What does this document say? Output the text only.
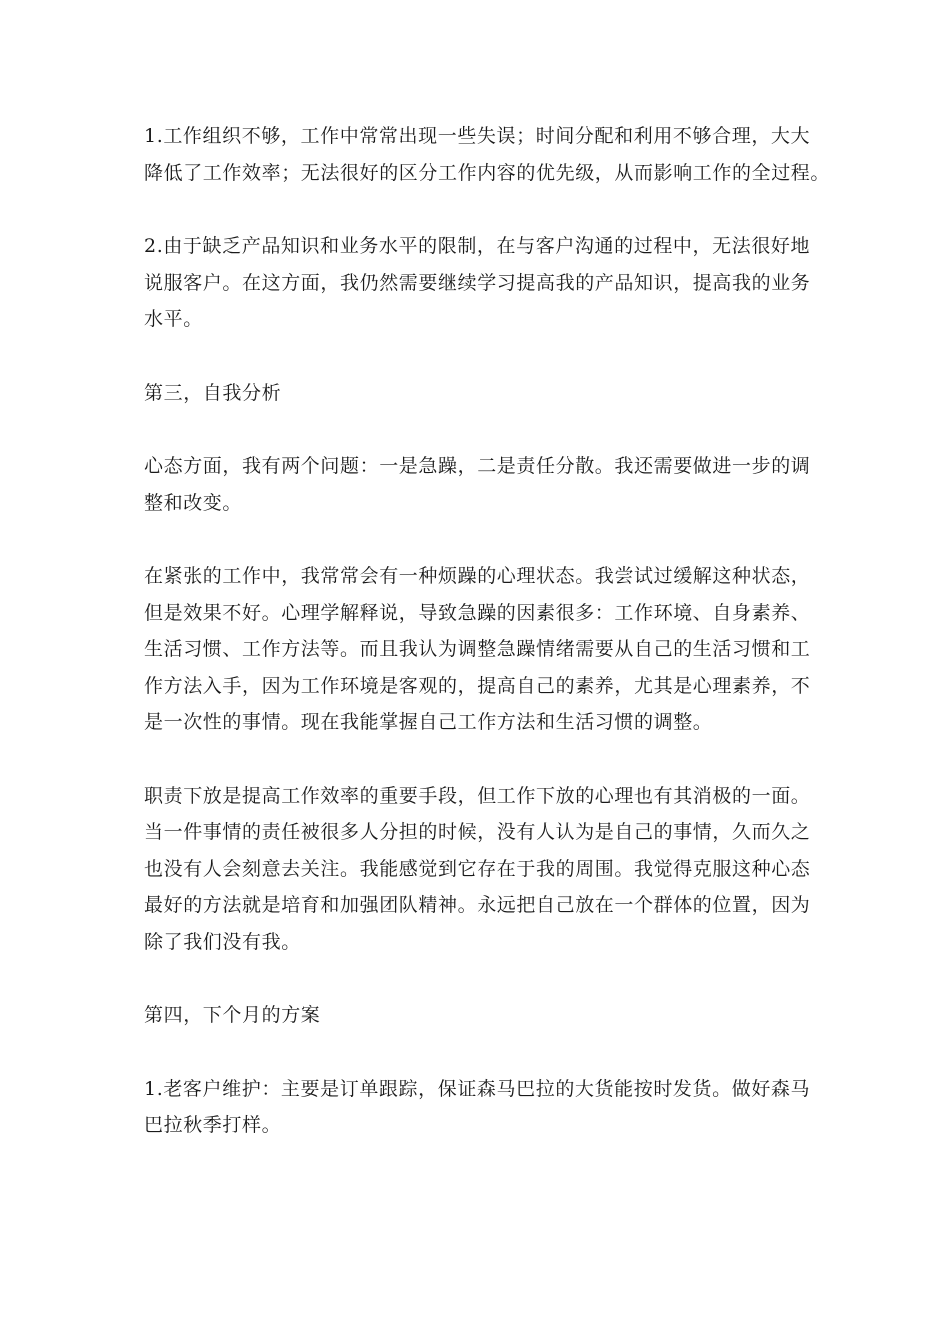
1.工作组织不够，工作中常常出现一些失误；时间分配和利用不够合理，大大
降低了工作效率；无法很好的区分工作内容的优先级，从而影响工作的全过程。

2.由于缺乏产品知识和业务水平的限制，在与客户沟通的过程中，无法很好地
说服客户。在这方面，我仍然需要继续学习提高我的产品知识，提高我的业务
水平。

第三，自我分析

心态方面，我有两个问题：一是急躁，二是责任分散。我还需要做进一步的调
整和改变。

在紧张的工作中，我常常会有一种烦躁的心理状态。我尝试过缓解这种状态，
但是效果不好。心理学解释说，导致急躁的因素很多：工作环境、自身素养、
生活习惯、工作方法等。而且我认为调整急躁情绪需要从自己的生活习惯和工
作方法入手，因为工作环境是客观的，提高自己的素养，尤其是心理素养，不
是一次性的事情。现在我能掌握自己工作方法和生活习惯的调整。

职责下放是提高工作效率的重要手段，但工作下放的心理也有其消极的一面。
当一件事情的责任被很多人分担的时候，没有人认为是自己的事情，久而久之
也没有人会刻意去关注。我能感觉到它存在于我的周围。我觉得克服这种心态
最好的方法就是培育和加强团队精神。永远把自己放在一个群体的位置，因为
除了我们没有我。

第四，下个月的方案

1.老客户维护：主要是订单跟踪，保证森马巴拉的大货能按时发货。做好森马
巴拉秋季打样。
